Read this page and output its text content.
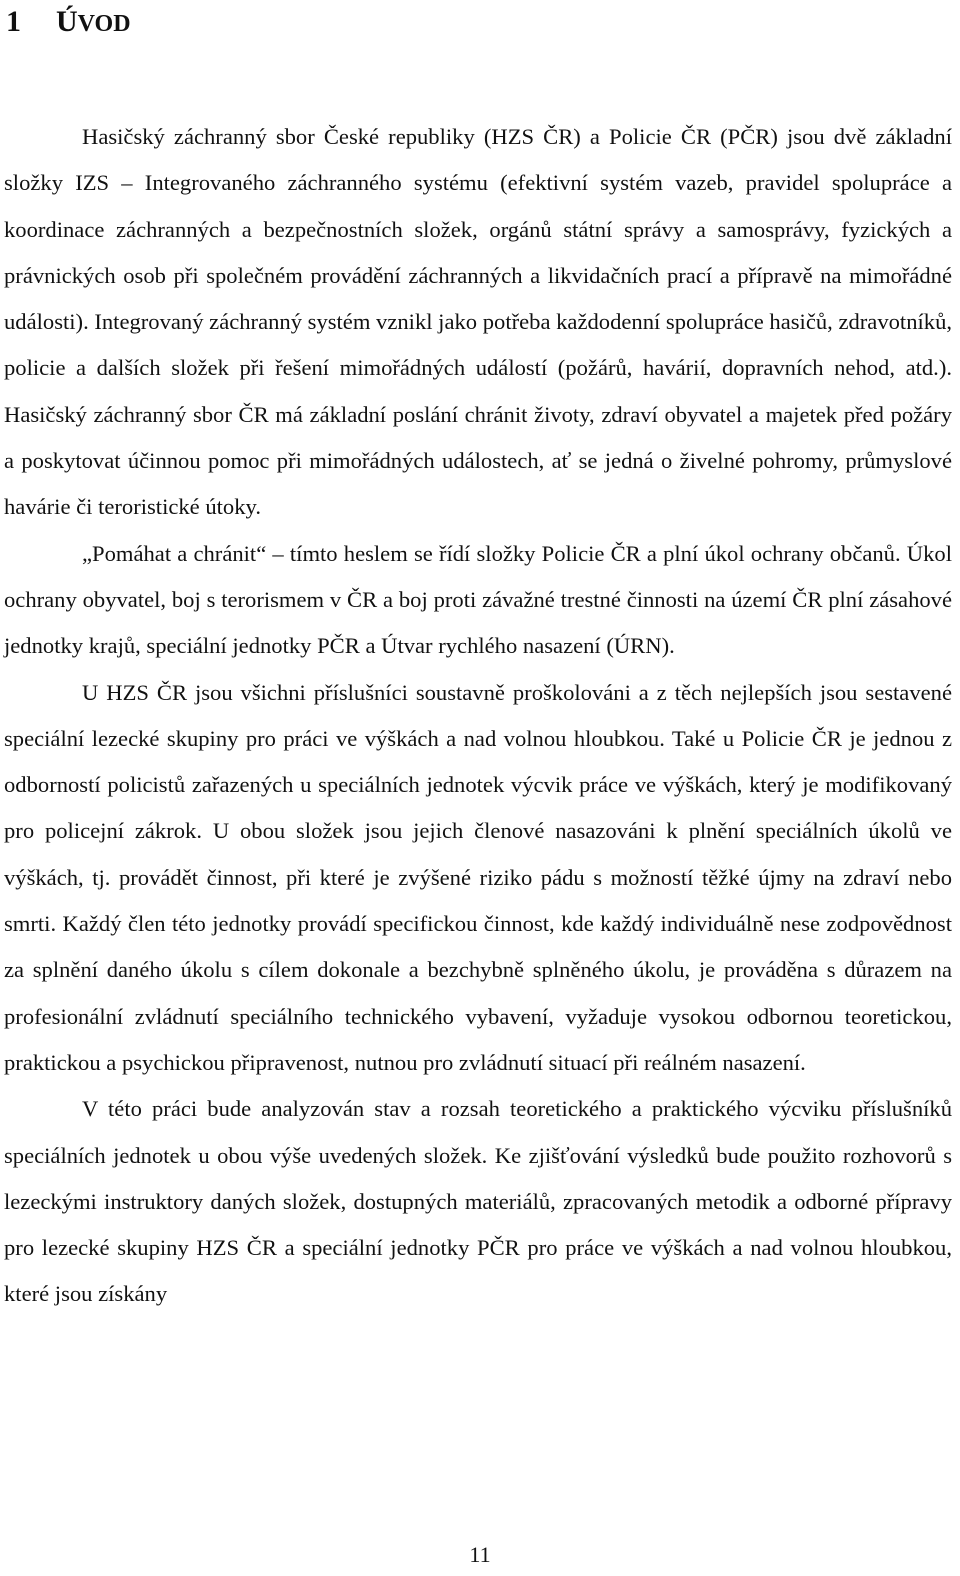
1 ÚVOD

Hasičský záchranný sbor České republiky (HZS ČR) a Policie ČR (PČR) jsou dvě základní složky IZS – Integrovaného záchranného systému (efektivní systém vazeb, pravidel spolupráce a koordinace záchranných a bezpečnostních složek, orgánů státní správy a samosprávy, fyzických a právnických osob při společném provádění záchranných a likvidačních prací a přípravě na mimořádné události). Integrovaný záchranný systém vznikl jako potřeba každodenní spolupráce hasičů, zdravotníků, policie a dalších složek při řešení mimořádných událostí (požárů, havárií, dopravních nehod, atd.). Hasičský záchranný sbor ČR má základní poslání chránit životy, zdraví obyvatel a majetek před požáry a poskytovat účinnou pomoc při mimořádných událostech, ať se jedná o živelné pohromy, průmyslové havárie či teroristické útoky.

„Pomáhat a chránit“ – tímto heslem se řídí složky Policie ČR a plní úkol ochrany občanů. Úkol ochrany obyvatel, boj s terorismem v ČR a boj proti závažné trestné činnosti na území ČR plní zásahové jednotky krajů, speciální jednotky PČR a Útvar rychlého nasazení (ÚRN).

U HZS ČR jsou všichni příslušníci soustavně proškolováni a z těch nejlepších jsou sestavené speciální lezecké skupiny pro práci ve výškách a nad volnou hloubkou. Také u Policie ČR je jednou z odborností policistů zařazených u speciálních jednotek výcvik práce ve výškách, který je modifikovaný pro policejní zákrok. U obou složek jsou jejich členové nasazováni k plnění speciálních úkolů ve výškách, tj. provádět činnost, při které je zvýšené riziko pádu s možností těžké újmy na zdraví nebo smrti. Každý člen této jednotky provádí specifickou činnost, kde každý individuálně nese zodpovědnost za splnění daného úkolu s cílem dokonale a bezchybně splněného úkolu, je prováděna s důrazem na profesionální zvládnutí speciálního technického vybavení, vyžaduje vysokou odbornou teoretickou, praktickou a psychickou připravenost, nutnou pro zvládnutí situací při reálném nasazení.

V této práci bude analyzován stav a rozsah teoretického a praktického výcviku příslušníků speciálních jednotek u obou výše uvedených složek. Ke zjišťování výsledků bude použito rozhovorů s lezeckými instruktory daných složek, dostupných materiálů, zpracovaných metodik a odborné přípravy pro lezecké skupiny HZS ČR a speciální jednotky PČR pro práce ve výškách a nad volnou hloubkou, které jsou získány

11
